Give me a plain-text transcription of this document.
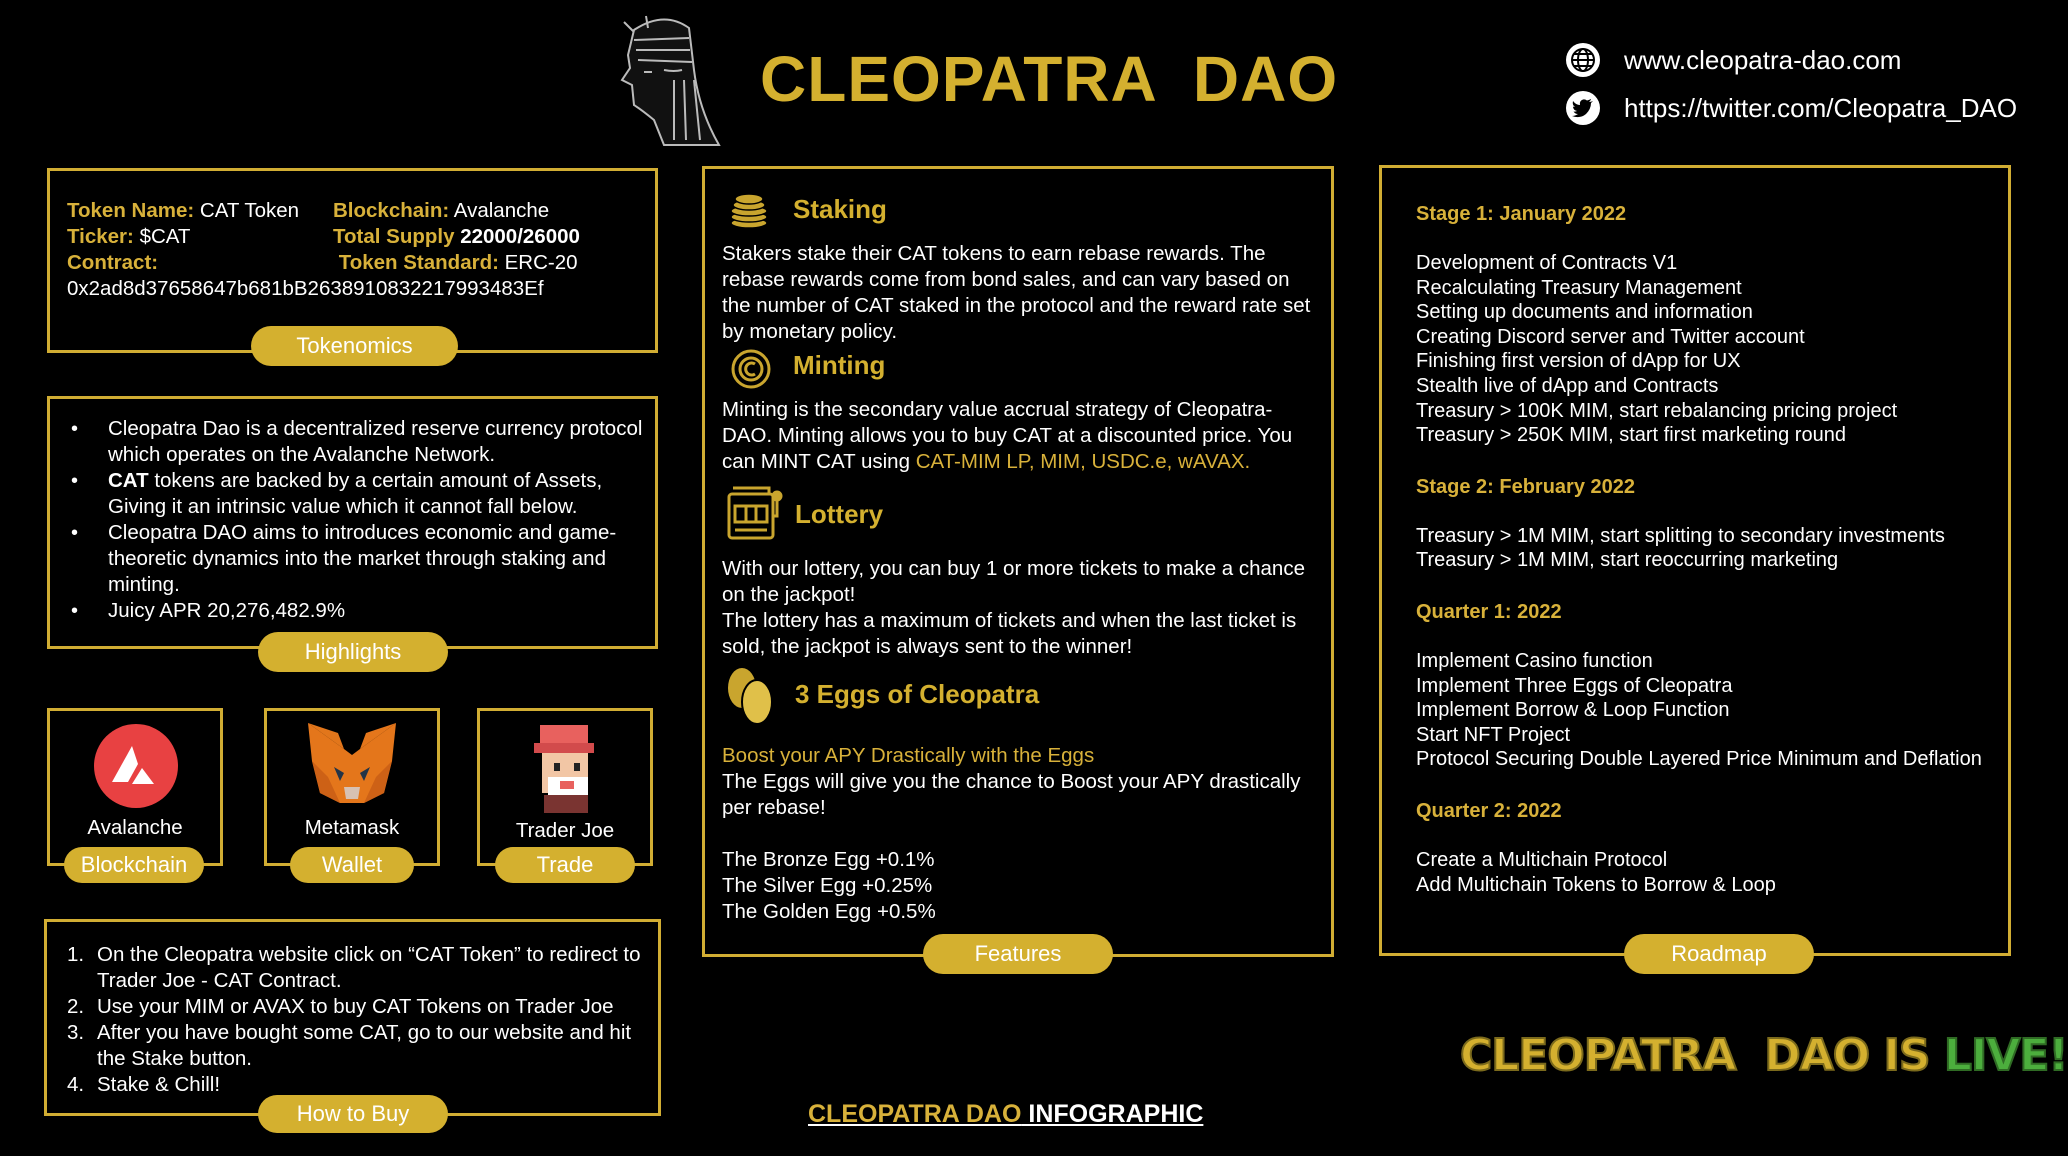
CLEOPATRA  DAO	www.cleopatra-dao.com
https://twitter.com/Cleopatra_DAO
Token Name: CAT Token	Blockchain: Avalanche
Ticker: $CAT	Total Supply 22000/26000
Contract:	Token Standard: ERC-20
0x2ad8d37658647b681bB2638910832217993483Ef
Tokenomics
• Cleopatra Dao is a decentralized reserve currency protocol which operates on the Avalanche Network.
• CAT tokens are backed by a certain amount of Assets, Giving it an intrinsic value which it cannot fall below.
• Cleopatra DAO aims to introduces economic and game-theoretic dynamics into the market through staking and minting.
• Juicy APR 20,276,482.9%
Highlights
Avalanche
Blockchain
Metamask
Wallet
Trader Joe
Trade
1. On the Cleopatra website click on “CAT Token” to redirect to Trader Joe - CAT Contract.
2. Use your MIM or AVAX to buy CAT Tokens on Trader Joe
3. After you have bought some CAT, go to our website and hit the Stake button.
4. Stake & Chill!
How to Buy
Staking
Stakers stake their CAT tokens to earn rebase rewards. The rebase rewards come from bond sales, and can vary based on the number of CAT staked in the protocol and the reward rate set by monetary policy.
Minting
Minting is the secondary value accrual strategy of Cleopatra-DAO. Minting allows you to buy CAT at a discounted price. You can MINT CAT using CAT-MIM LP, MIM, USDC.e, wAVAX.
Lottery
With our lottery, you can buy 1 or more tickets to make a chance on the jackpot!
The lottery has a maximum of tickets and when the last ticket is sold, the jackpot is always sent to the winner!
3 Eggs of Cleopatra
Boost your APY Drastically with the Eggs
The Eggs will give you the chance to Boost your APY drastically per rebase!
The Bronze Egg +0.1%
The Silver Egg +0.25%
The Golden Egg +0.5%
Features
Stage 1: January 2022
Development of Contracts V1
Recalculating Treasury Management
Setting up documents and information
Creating Discord server and Twitter account
Finishing first version of dApp for UX
Stealth live of dApp and Contracts
Treasury > 100K MIM, start rebalancing pricing project
Treasury > 250K MIM, start first marketing round
Stage 2: February 2022
Treasury > 1M MIM, start splitting to secondary investments
Treasury > 1M MIM, start reoccurring marketing
Quarter 1: 2022
Implement Casino function
Implement Three Eggs of Cleopatra
Implement Borrow & Loop Function
Start NFT Project
Protocol Securing Double Layered Price Minimum and Deflation
Quarter 2: 2022
Create a Multichain Protocol
Add Multichain Tokens to Borrow & Loop
Roadmap
CLEOPATRA DAO INFOGRAPHIC
CLEOPATRA  DAO IS LIVE!
